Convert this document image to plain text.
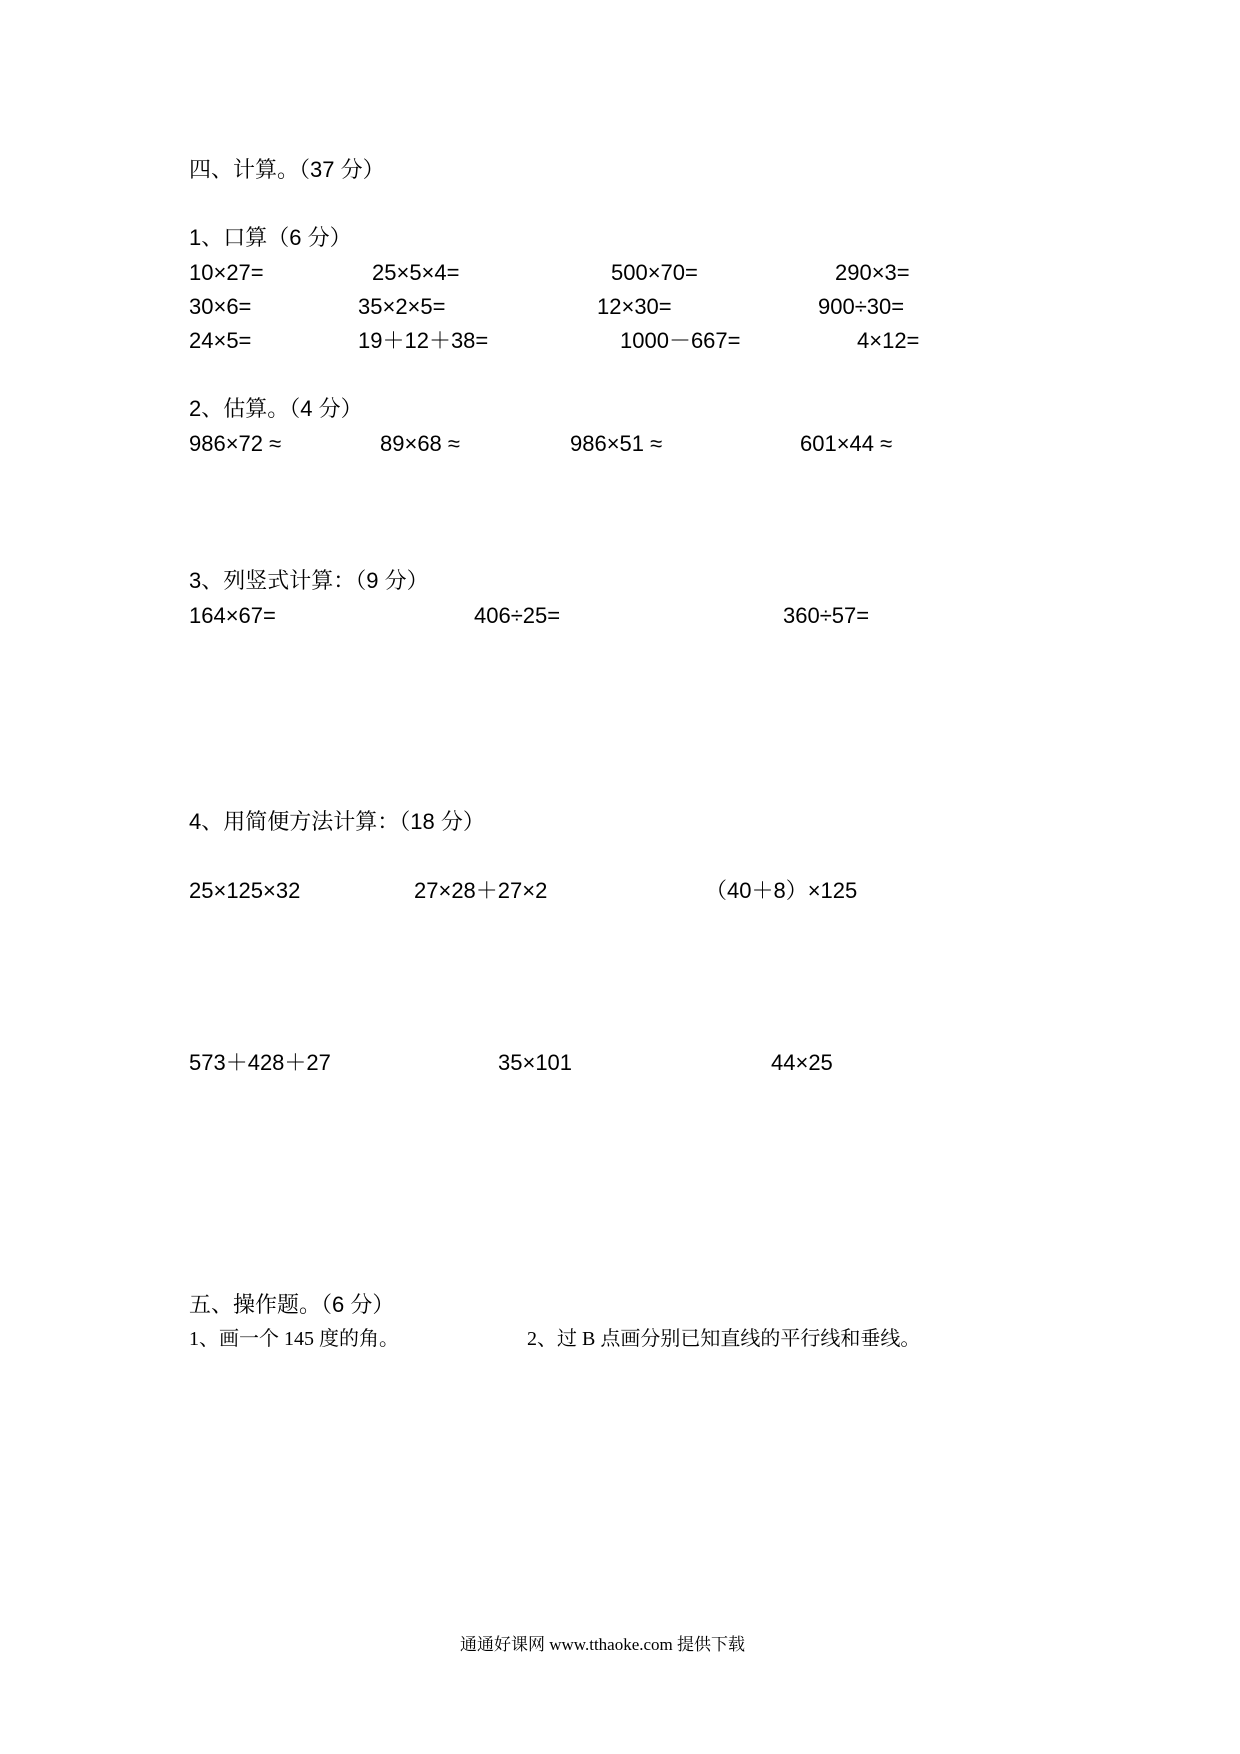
四、计算。（37 分）
1、口算（6 分）
10×27=	25×5×4=	500×70=	290×3=
30×6=	35×2×5=	12×30=	900÷30=
24×5=	19＋12＋38=	1000－667=	4×12=
2、估算。（4 分）
986×72 ≈	89×68 ≈	986×51 ≈	601×44 ≈
3、列竖式计算：（9 分）
164×67=	406÷25=	360÷57=
4、用简便方法计算：（18 分）
25×125×32	27×28＋27×2	（40＋8）×125
573＋428＋27	35×101	44×25
五、操作题。（6 分）
1、画一个 145 度的角。	2、过 B 点画分别已知直线的平行线和垂线。
通通好课网 www.tthaoke.com 提供下载
